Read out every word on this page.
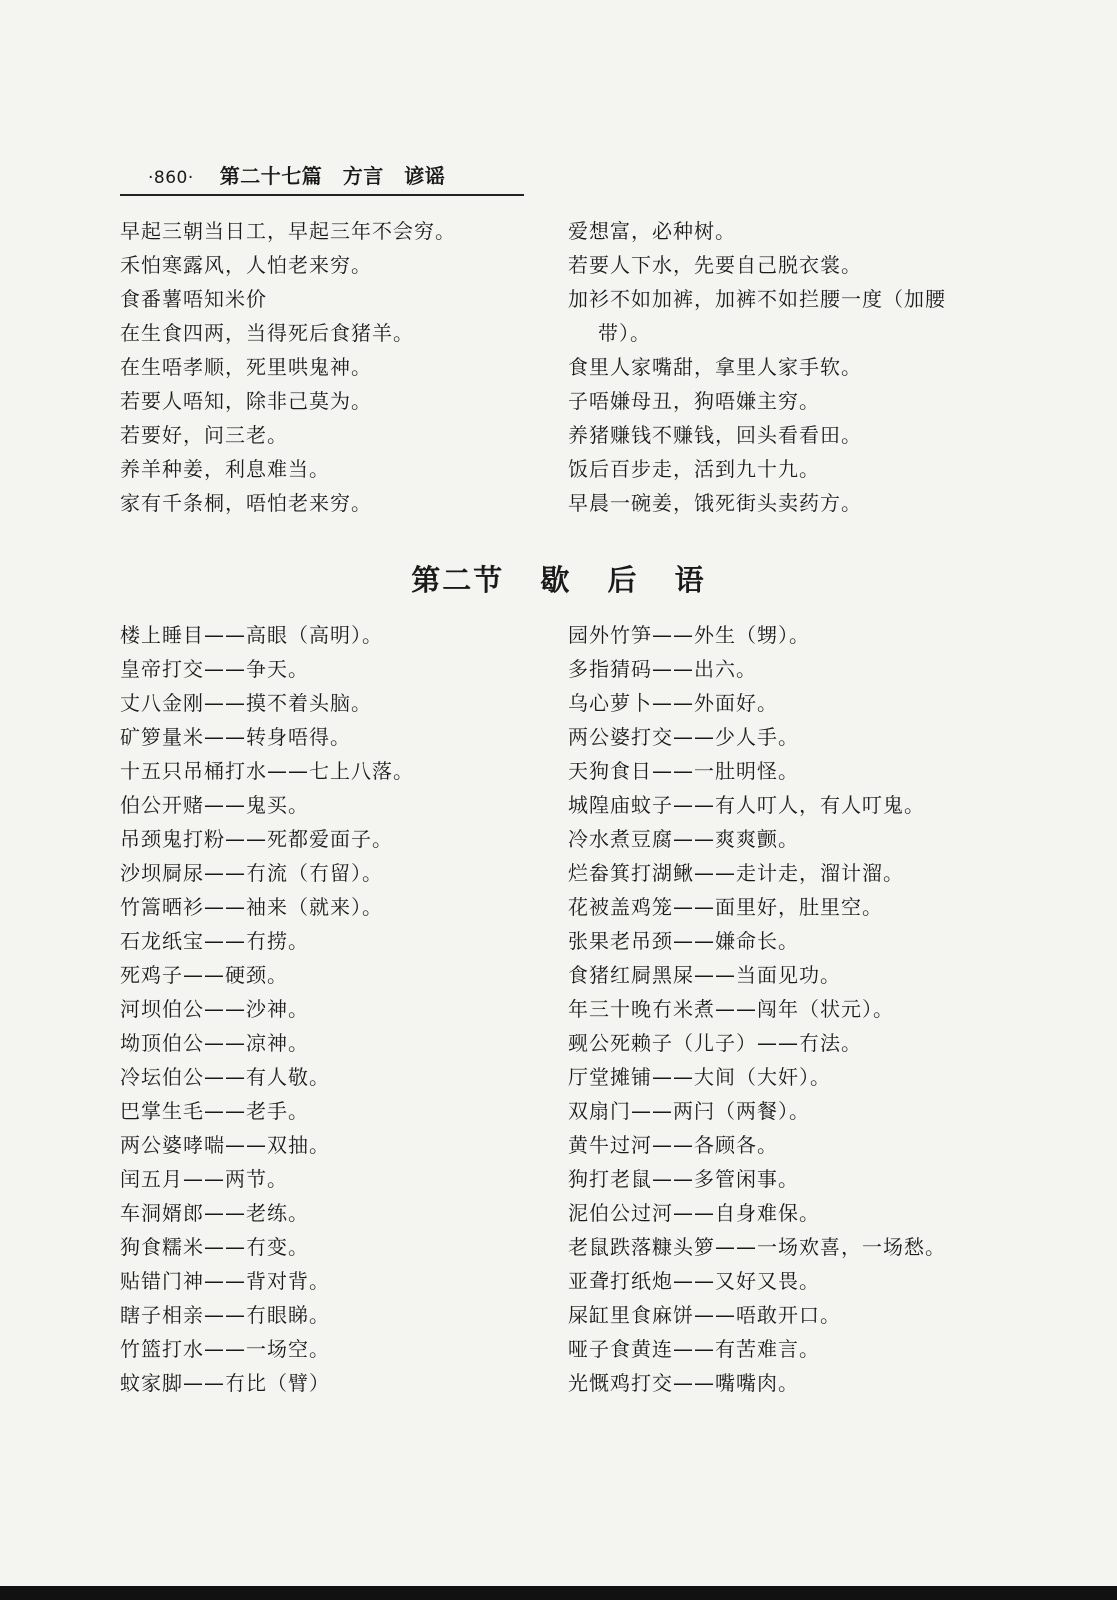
·860· 第二十七篇　方言　谚谣
早起三朝当日工，早起三年不会穷。
禾怕寒露风，人怕老来穷。
食番薯唔知米价
在生食四两，当得死后食猪羊。
在生唔孝顺，死里哄鬼神。
若要人唔知，除非己莫为。
若要好，问三老。
养羊种姜，利息难当。
家有千条桐，唔怕老来穷。
爱想富，必种树。
若要人下水，先要自己脱衣裳。
加衫不如加裤，加裤不如拦腰一度（加腰
带）。
食里人家嘴甜，拿里人家手软。
子唔嫌母丑，狗唔嫌主穷。
养猪赚钱不赚钱，回头看看田。
饭后百步走，活到九十九。
早晨一碗姜，饿死街头卖药方。
第二节 歇 后 语
楼上睡目——高眼（高明）。
皇帝打交——争天。
丈八金刚——摸不着头脑。
矿箩量米——转身唔得。
十五只吊桶打水——七上八落。
伯公开赌——鬼买。
吊颈鬼打粉——死都爱面子。
沙坝屙尿——冇流（冇留）。
竹篙晒衫——袖来（就来）。
石龙纸宝——冇捞。
死鸡子——硬颈。
河坝伯公——沙神。
坳顶伯公——凉神。
冷坛伯公——有人敬。
巴掌生毛——老手。
两公婆哮喘——双抽。
闰五月——两节。
车洞婿郎——老练。
狗食糯米——冇变。
贴错门神——背对背。
瞎子相亲——冇眼睇。
竹篮打水——一场空。
蚊家脚——冇比（臂）
园外竹笋——外生（甥）。
多指猜码——出六。
乌心萝卜——外面好。
两公婆打交——少人手。
天狗食日——一肚明怪。
城隍庙蚊子——有人叮人，有人叮鬼。
冷水煮豆腐——爽爽颤。
烂畚箕打湖鳅——走计走，溜计溜。
花被盖鸡笼——面里好，肚里空。
张果老吊颈——嫌命长。
食猪红屙黑屎——当面见功。
年三十晚冇米煮——闯年（状元）。
觋公死赖子（儿子）——冇法。
厅堂摊铺——大间（大奸）。
双扇门——两闩（两餐）。
黄牛过河——各顾各。
狗打老鼠——多管闲事。
泥伯公过河——自身难保。
老鼠跌落糠头箩——一场欢喜，一场愁。
亚聋打纸炮——又好又畏。
屎缸里食麻饼——唔敢开口。
哑子食黄连——有苦难言。
光慨鸡打交——嘴嘴肉。
